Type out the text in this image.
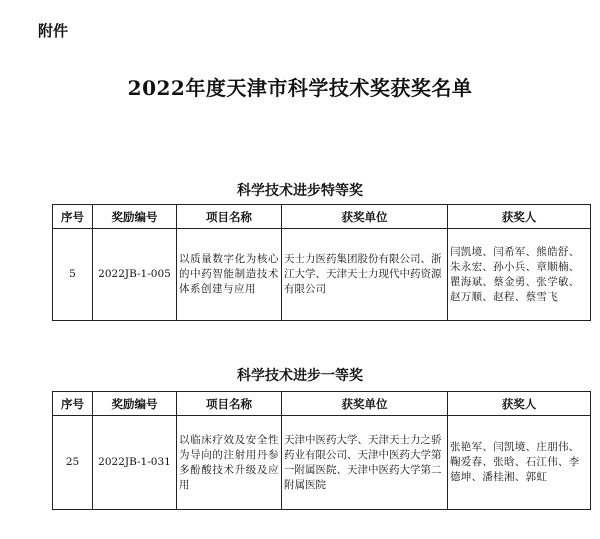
附件
2022年度天津市科学技术奖获奖名单
科学技术进步特等奖
序号	奖励编号	项目名称	获奖单位	获奖人
5	2022JB-1-005	以质量数字化为核心的中药智能制造技术体系创建与应用	天士力医药集团股份有限公司、浙江大学、天津天士力现代中药资源有限公司	闫凯境、闫希军、熊皓舒、朱永宏、孙小兵、章顺楠、瞿海斌、蔡金勇、张学敏、赵万顺、赵程、蔡雪飞
科学技术进步一等奖
序号	奖励编号	项目名称	获奖单位	获奖人
25	2022JB-1-031	以临床疗效及安全性为导向的注射用丹参多酚酸技术升级及应用	天津中医药大学、天津天士力之骄药业有限公司、天津中医药大学第一附属医院、天津中医药大学第二附属医院	张艳军、闫凯境、庄朋伟、鞠爱春、张晗、石江伟、李德坤、潘桂湘、郭虹
